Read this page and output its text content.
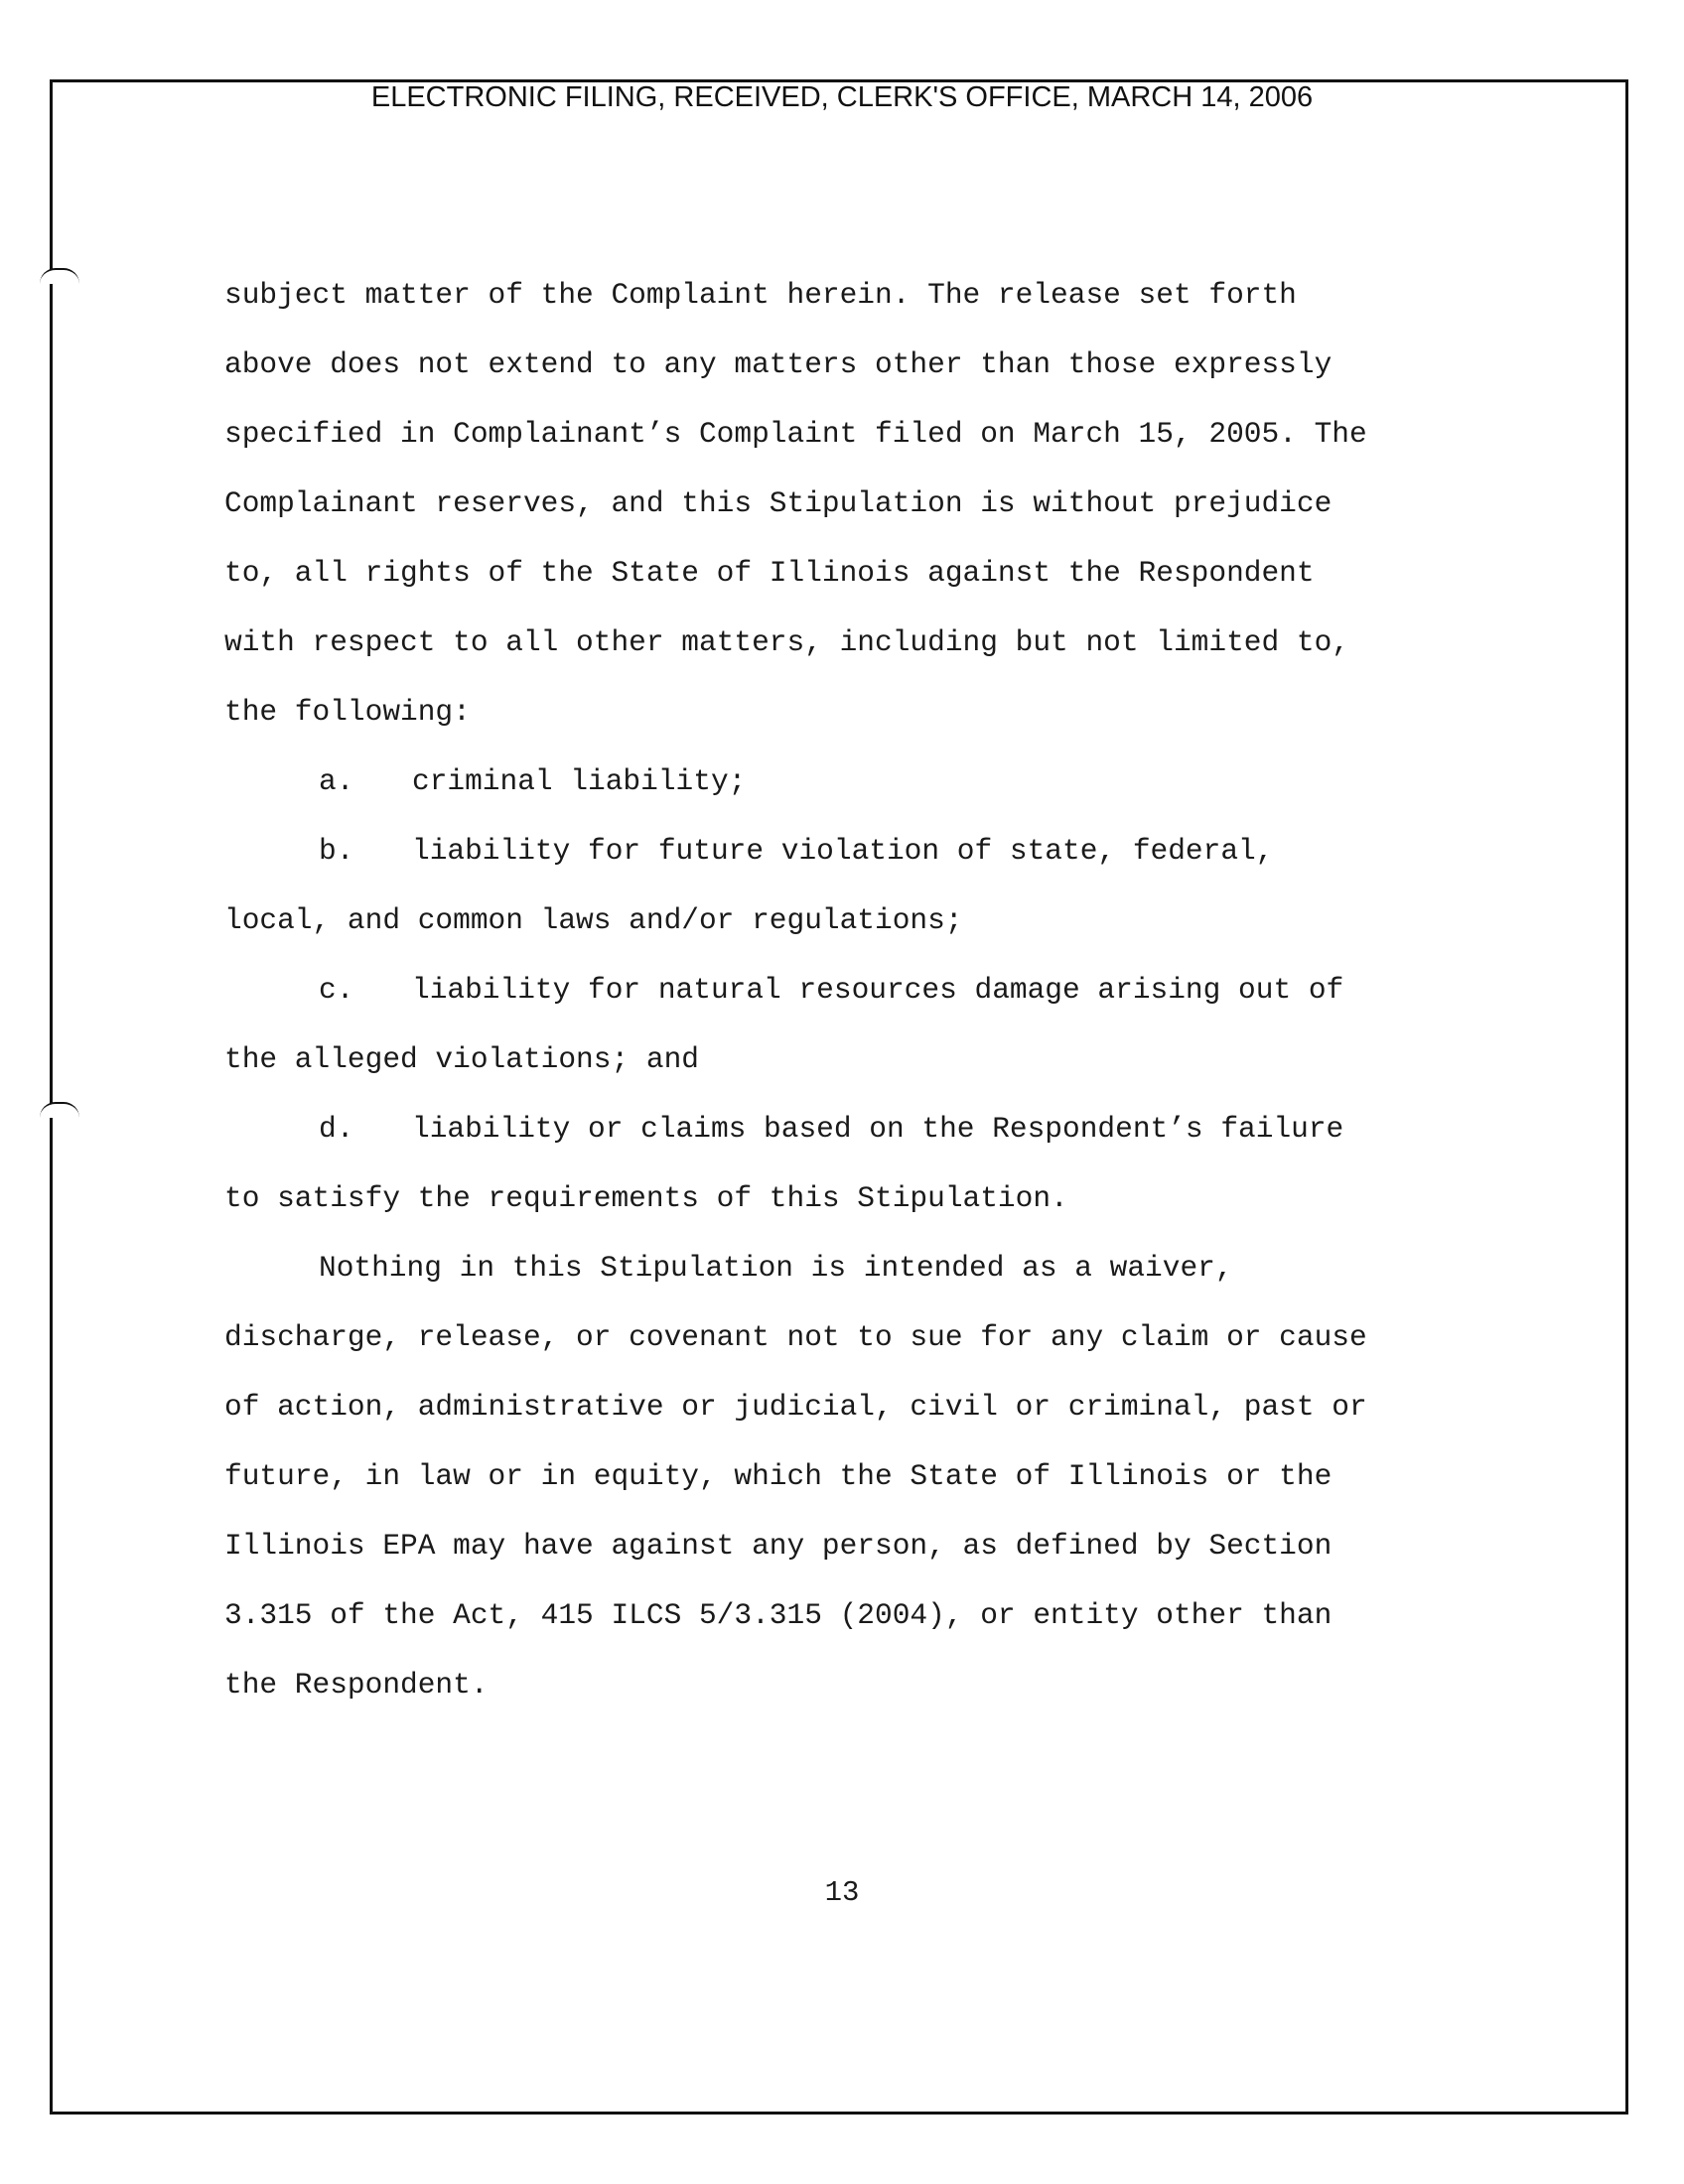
ELECTRONIC FILING, RECEIVED, CLERK'S OFFICE, MARCH 14, 2006
subject matter of the Complaint herein. The release set forth
above does not extend to any matters other than those expressly
specified in Complainant’s Complaint filed on March 15, 2005. The
Complainant reserves, and this Stipulation is without prejudice
to, all rights of the State of Illinois against the Respondent
with respect to all other matters, including but not limited to,
the following:
a. criminal liability;
b. liability for future violation of state, federal,
local, and common laws and/or regulations;
c. liability for natural resources damage arising out of
the alleged violations; and
d. liability or claims based on the Respondent’s failure
to satisfy the requirements of this Stipulation.
Nothing in this Stipulation is intended as a waiver,
discharge, release, or covenant not to sue for any claim or cause
of action, administrative or judicial, civil or criminal, past or
future, in law or in equity, which the State of Illinois or the
Illinois EPA may have against any person, as defined by Section
3.315 of the Act, 415 ILCS 5/3.315 (2004), or entity other than
the Respondent.
13
